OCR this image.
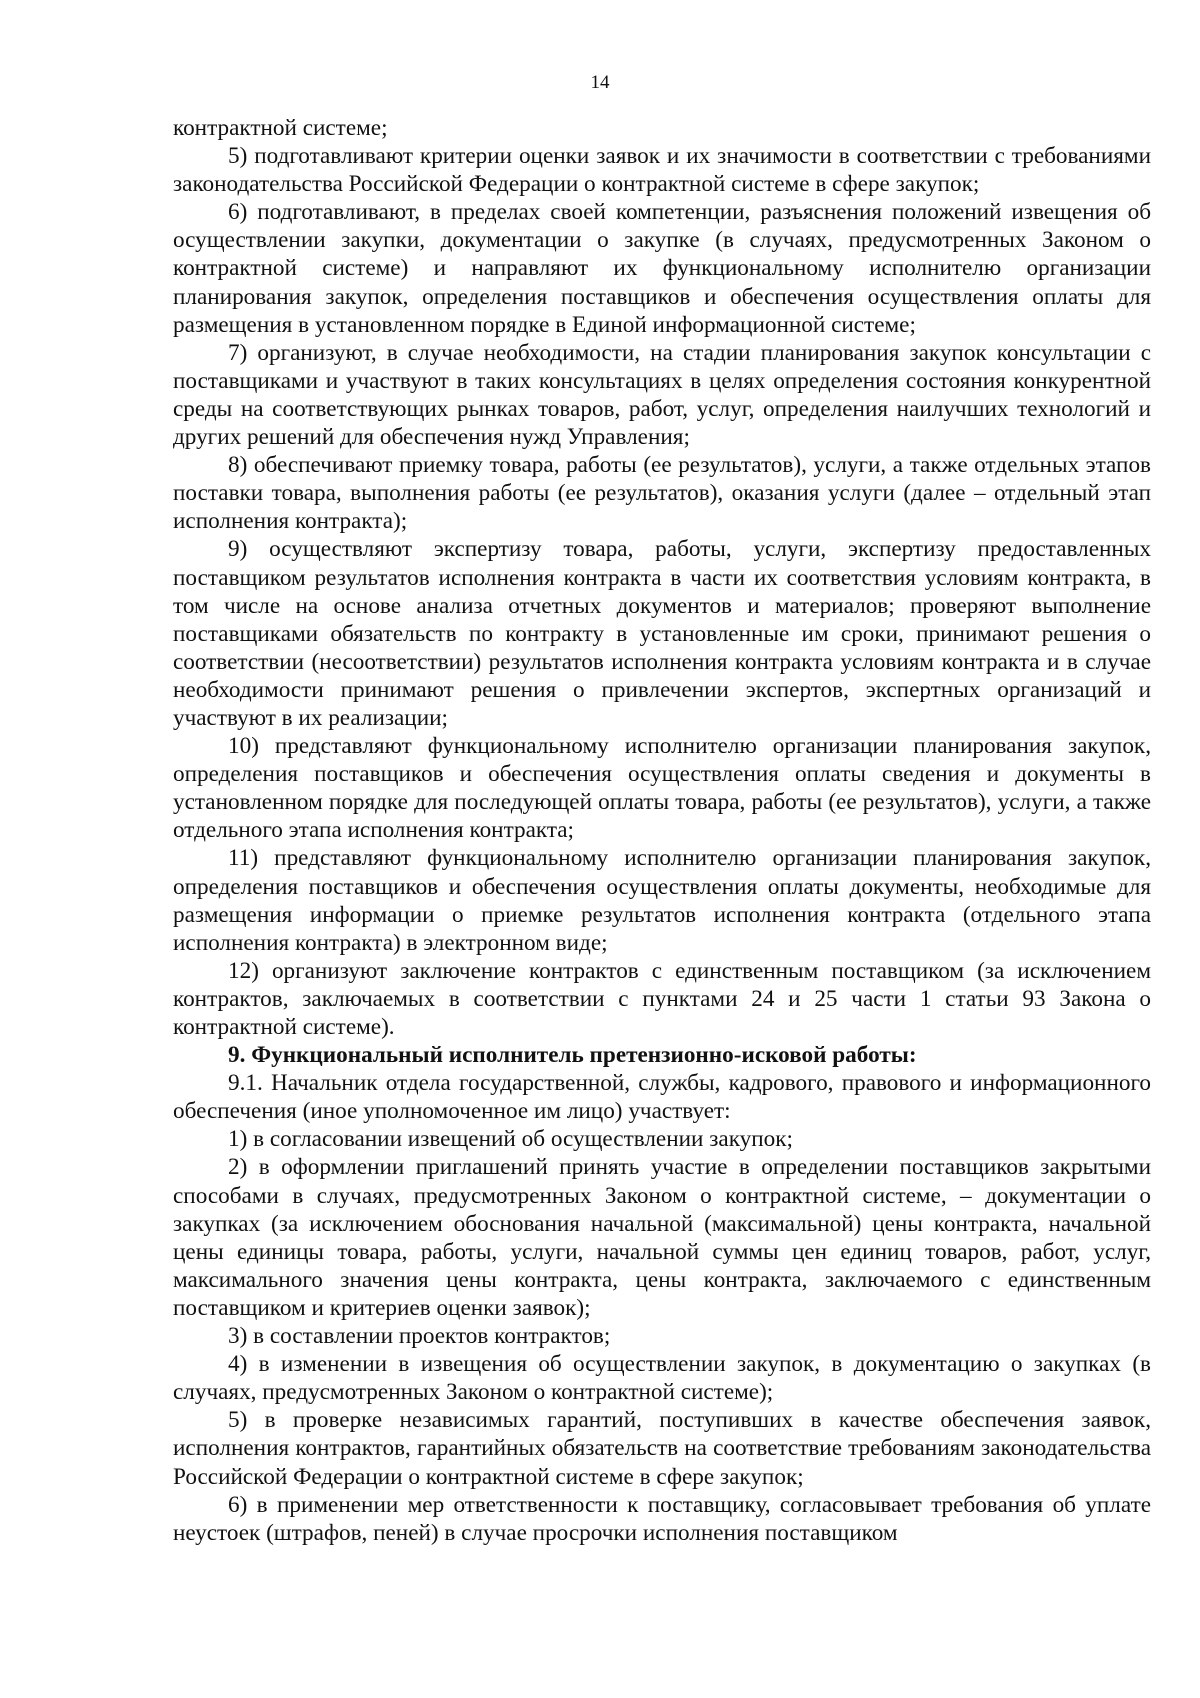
14

контрактной системе;

5) подготавливают критерии оценки заявок и их значимости в соответствии с требованиями законодательства Российской Федерации о контрактной системе в сфере закупок;

6) подготавливают, в пределах своей компетенции, разъяснения положений извещения об осуществлении закупки, документации о закупке (в случаях, предусмотренных Законом о контрактной системе) и направляют их функциональному исполнителю организации планирования закупок, определения поставщиков и обеспечения осуществления оплаты для размещения в установленном порядке в Единой информационной системе;

7) организуют, в случае необходимости, на стадии планирования закупок консультации с поставщиками и участвуют в таких консультациях в целях определения состояния конкурентной среды на соответствующих рынках товаров, работ, услуг, определения наилучших технологий и других решений для обеспечения нужд Управления;

8) обеспечивают приемку товара, работы (ее результатов), услуги, а также отдельных этапов поставки товара, выполнения работы (ее результатов), оказания услуги (далее – отдельный этап исполнения контракта);

9) осуществляют экспертизу товара, работы, услуги, экспертизу предоставленных поставщиком результатов исполнения контракта в части их соответствия условиям контракта, в том числе на основе анализа отчетных документов и материалов; проверяют выполнение поставщиками обязательств по контракту в установленные им сроки, принимают решения о соответствии (несоответствии) результатов исполнения контракта условиям контракта и в случае необходимости принимают решения о привлечении экспертов, экспертных организаций и участвуют в их реализации;

10) представляют функциональному исполнителю организации планирования закупок, определения поставщиков и обеспечения осуществления оплаты сведения и документы в установленном порядке для последующей оплаты товара, работы (ее результатов), услуги, а также отдельного этапа исполнения контракта;

11) представляют функциональному исполнителю организации планирования закупок, определения поставщиков и обеспечения осуществления оплаты документы, необходимые для размещения информации о приемке результатов исполнения контракта (отдельного этапа исполнения контракта) в электронном виде;

12) организуют заключение контрактов с единственным поставщиком (за исключением контрактов, заключаемых в соответствии с пунктами 24 и 25 части 1 статьи 93 Закона о контрактной системе).

9. Функциональный исполнитель претензионно-исковой работы:

9.1. Начальник отдела государственной, службы, кадрового, правового и информационного обеспечения (иное уполномоченное им лицо) участвует:

1) в согласовании извещений об осуществлении закупок;

2) в оформлении приглашений принять участие в определении поставщиков закрытыми способами в случаях, предусмотренных Законом о контрактной системе, – документации о закупках (за исключением обоснования начальной (максимальной) цены контракта, начальной цены единицы товара, работы, услуги, начальной суммы цен единиц товаров, работ, услуг, максимального значения цены контракта, цены контракта, заключаемого с единственным поставщиком и критериев оценки заявок);

3) в составлении проектов контрактов;

4) в изменении в извещения об осуществлении закупок, в документацию о закупках (в случаях, предусмотренных Законом о контрактной системе);

5) в проверке независимых гарантий, поступивших в качестве обеспечения заявок, исполнения контрактов, гарантийных обязательств на соответствие требованиям законодательства Российской Федерации о контрактной системе в сфере закупок;

6) в применении мер ответственности к поставщику, согласовывает требования об уплате неустоек (штрафов, пеней) в случае просрочки исполнения поставщиком
